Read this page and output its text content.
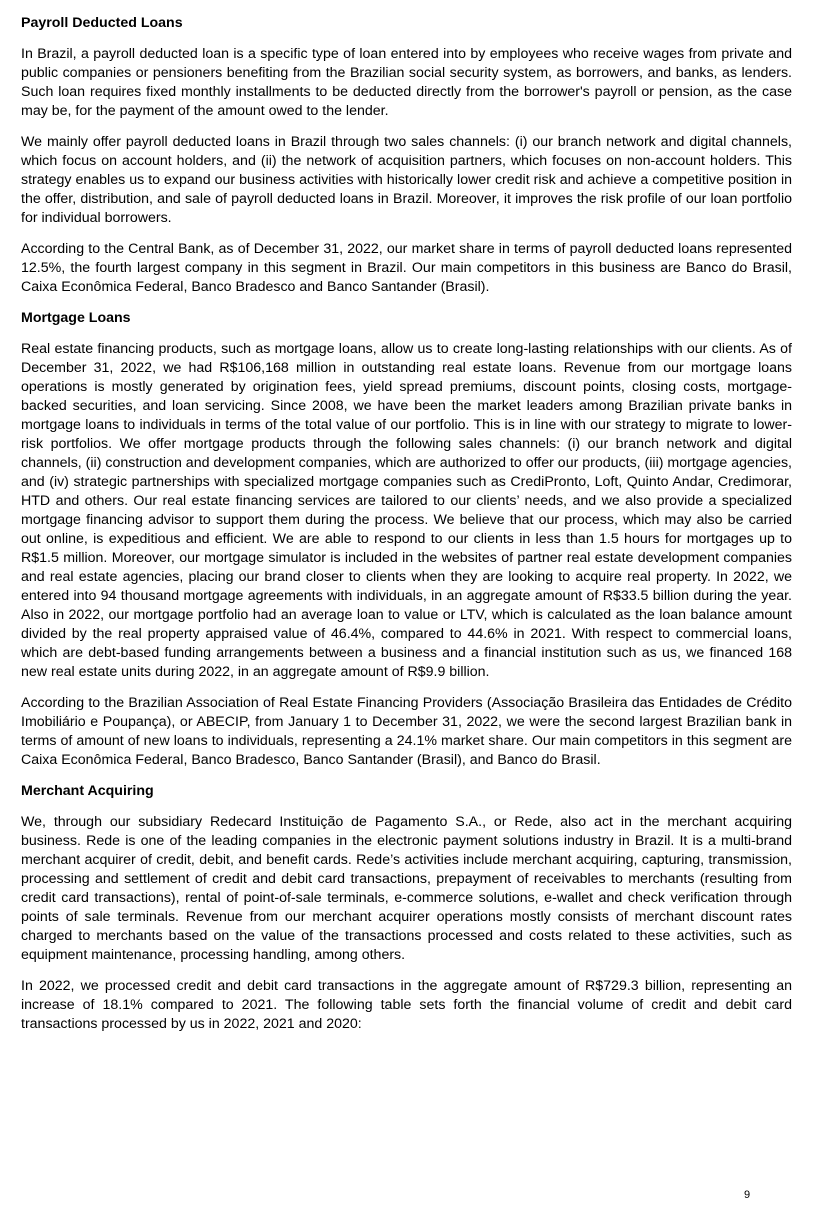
Payroll Deducted Loans

In Brazil, a payroll deducted loan is a specific type of loan entered into by employees who receive wages from private and public companies or pensioners benefiting from the Brazilian social security system, as borrowers, and banks, as lenders. Such loan requires fixed monthly installments to be deducted directly from the borrower's payroll or pension, as the case may be, for the payment of the amount owed to the lender.

We mainly offer payroll deducted loans in Brazil through two sales channels: (i) our branch network and digital channels, which focus on account holders, and (ii) the network of acquisition partners, which focuses on non-account holders. This strategy enables us to expand our business activities with historically lower credit risk and achieve a competitive position in the offer, distribution, and sale of payroll deducted loans in Brazil. Moreover, it improves the risk profile of our loan portfolio for individual borrowers.

According to the Central Bank, as of December 31, 2022, our market share in terms of payroll deducted loans represented 12.5%, the fourth largest company in this segment in Brazil. Our main competitors in this business are Banco do Brasil, Caixa Econômica Federal, Banco Bradesco and Banco Santander (Brasil).

Mortgage Loans

Real estate financing products, such as mortgage loans, allow us to create long-lasting relationships with our clients. As of December 31, 2022, we had R$106,168 million in outstanding real estate loans. Revenue from our mortgage loans operations is mostly generated by origination fees, yield spread premiums, discount points, closing costs, mortgage-backed securities, and loan servicing. Since 2008, we have been the market leaders among Brazilian private banks in mortgage loans to individuals in terms of the total value of our portfolio. This is in line with our strategy to migrate to lower-risk portfolios. We offer mortgage products through the following sales channels: (i) our branch network and digital channels, (ii) construction and development companies, which are authorized to offer our products, (iii) mortgage agencies, and (iv) strategic partnerships with specialized mortgage companies such as CrediPronto, Loft, Quinto Andar, Credimorar, HTD and others. Our real estate financing services are tailored to our clients’ needs, and we also provide a specialized mortgage financing advisor to support them during the process. We believe that our process, which may also be carried out online, is expeditious and efficient. We are able to respond to our clients in less than 1.5 hours for mortgages up to R$1.5 million. Moreover, our mortgage simulator is included in the websites of partner real estate development companies and real estate agencies, placing our brand closer to clients when they are looking to acquire real property. In 2022, we entered into 94 thousand mortgage agreements with individuals, in an aggregate amount of R$33.5 billion during the year. Also in 2022, our mortgage portfolio had an average loan to value or LTV, which is calculated as the loan balance amount divided by the real property appraised value of 46.4%, compared to 44.6% in 2021. With respect to commercial loans, which are debt-based funding arrangements between a business and a financial institution such as us, we financed 168 new real estate units during 2022, in an aggregate amount of R$9.9 billion.

According to the Brazilian Association of Real Estate Financing Providers (Associação Brasileira das Entidades de Crédito Imobiliário e Poupança), or ABECIP, from January 1 to December 31, 2022, we were the second largest Brazilian bank in terms of amount of new loans to individuals, representing a 24.1% market share. Our main competitors in this segment are Caixa Econômica Federal, Banco Bradesco, Banco Santander (Brasil), and Banco do Brasil.

Merchant Acquiring

We, through our subsidiary Redecard Instituição de Pagamento S.A., or Rede, also act in the merchant acquiring business. Rede is one of the leading companies in the electronic payment solutions industry in Brazil. It is a multi-brand merchant acquirer of credit, debit, and benefit cards. Rede’s activities include merchant acquiring, capturing, transmission, processing and settlement of credit and debit card transactions, prepayment of receivables to merchants (resulting from credit card transactions), rental of point-of-sale terminals, e-commerce solutions, e-wallet and check verification through points of sale terminals. Revenue from our merchant acquirer operations mostly consists of merchant discount rates charged to merchants based on the value of the transactions processed and costs related to these activities, such as equipment maintenance, processing handling, among others.

In 2022, we processed credit and debit card transactions in the aggregate amount of R$729.3 billion, representing an increase of 18.1% compared to 2021. The following table sets forth the financial volume of credit and debit card transactions processed by us in 2022, 2021 and 2020:

9
